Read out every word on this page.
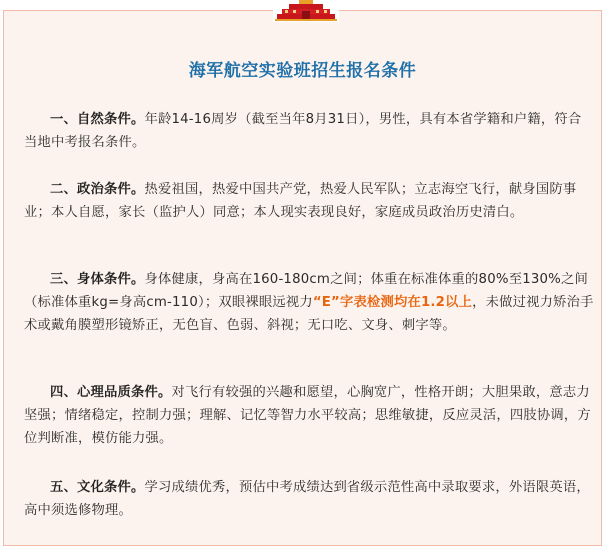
海军航空实验班招生报名条件

一、自然条件。年龄14-16周岁（截至当年8月31日），男性，具有本省学籍和户籍，符合当地中考报名条件。

二、政治条件。热爱祖国，热爱中国共产党，热爱人民军队；立志海空飞行，献身国防事业；本人自愿，家长（监护人）同意；本人现实表现良好，家庭成员政治历史清白。

三、身体条件。身体健康，身高在160-180cm之间；体重在标准体重的80%至130%之间（标准体重kg=身高cm-110）；双眼裸眼远视力“E”字表检测均在1.2以上，未做过视力矫治手术或戴角膜塑形镜矫正，无色盲、色弱、斜视；无口吃、文身、刺字等。

四、心理品质条件。对飞行有较强的兴趣和愿望，心胸宽广，性格开朗；大胆果敢，意志力坚强；情绪稳定，控制力强；理解、记忆等智力水平较高；思维敏捷，反应灵活，四肢协调，方位判断准，模仿能力强。

五、文化条件。学习成绩优秀，预估中考成绩达到省级示范性高中录取要求，外语限英语，高中须选修物理。
